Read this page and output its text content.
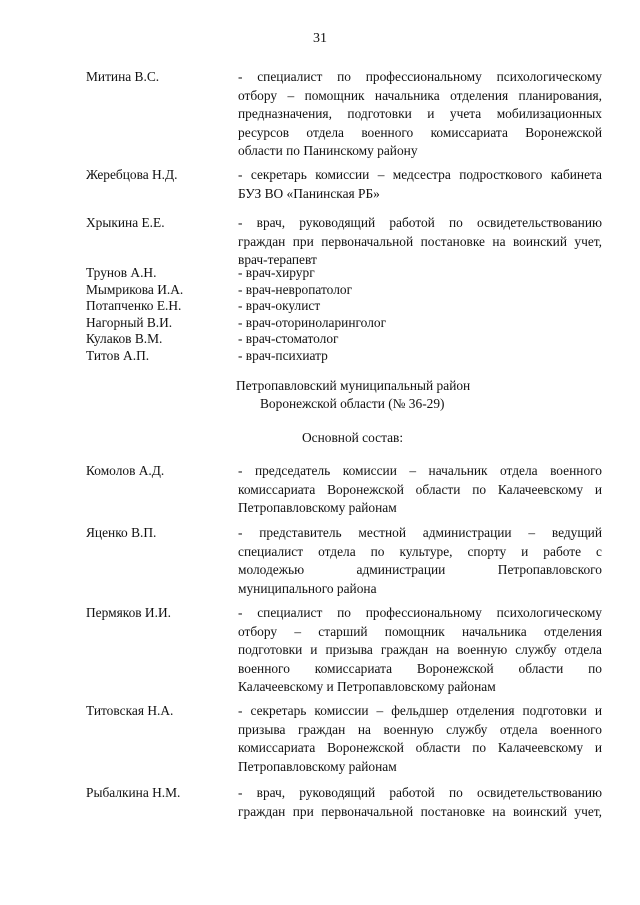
31
Митина В.С.	- специалист по профессиональному психологическому
отбору – помощник начальника отделения планирования,
предназначения, подготовки и учета мобилизационных
ресурсов отдела военного комиссариата Воронежской
области по Панинскому району
Жеребцова Н.Д.	- секретарь комиссии – медсестра подросткового кабинета
БУЗ ВО «Панинская РБ»
Хрыкина Е.Е.	- врач, руководящий работой по освидетельствованию
граждан при первоначальной постановке на воинский учет,
врач-терапевт
Трунов А.Н.	- врач-хирург
Мымрикова И.А.	- врач-невропатолог
Потапченко Е.Н.	- врач-окулист
Нагорный В.И.	- врач-оториноларинголог
Кулаков В.М.	- врач-стоматолог
Титов А.П.	- врач-психиатр
Петропавловский муниципальный район
Воронежской области (№ 36-29)
Основной состав:
Комолов А.Д.	- председатель комиссии – начальник отдела военного
комиссариата Воронежской области по Калачеевскому и
Петропавловскому районам
Яценко В.П.	- представитель местной администрации – ведущий
специалист отдела по культуре, спорту и работе с
молодежью администрации Петропавловского
муниципального района
Пермяков И.И.	- специалист по профессиональному психологическому
отбору – старший помощник начальника отделения
подготовки и призыва граждан на военную службу отдела
военного комиссариата Воронежской области по
Калачеевскому и Петропавловскому районам
Титовская Н.А.	- секретарь комиссии – фельдшер отделения подготовки и
призыва граждан на военную службу отдела военного
комиссариата Воронежской области по Калачеевскому и
Петропавловскому районам
Рыбалкина Н.М.	- врач, руководящий работой по освидетельствованию
граждан при первоначальной постановке на воинский учет,
